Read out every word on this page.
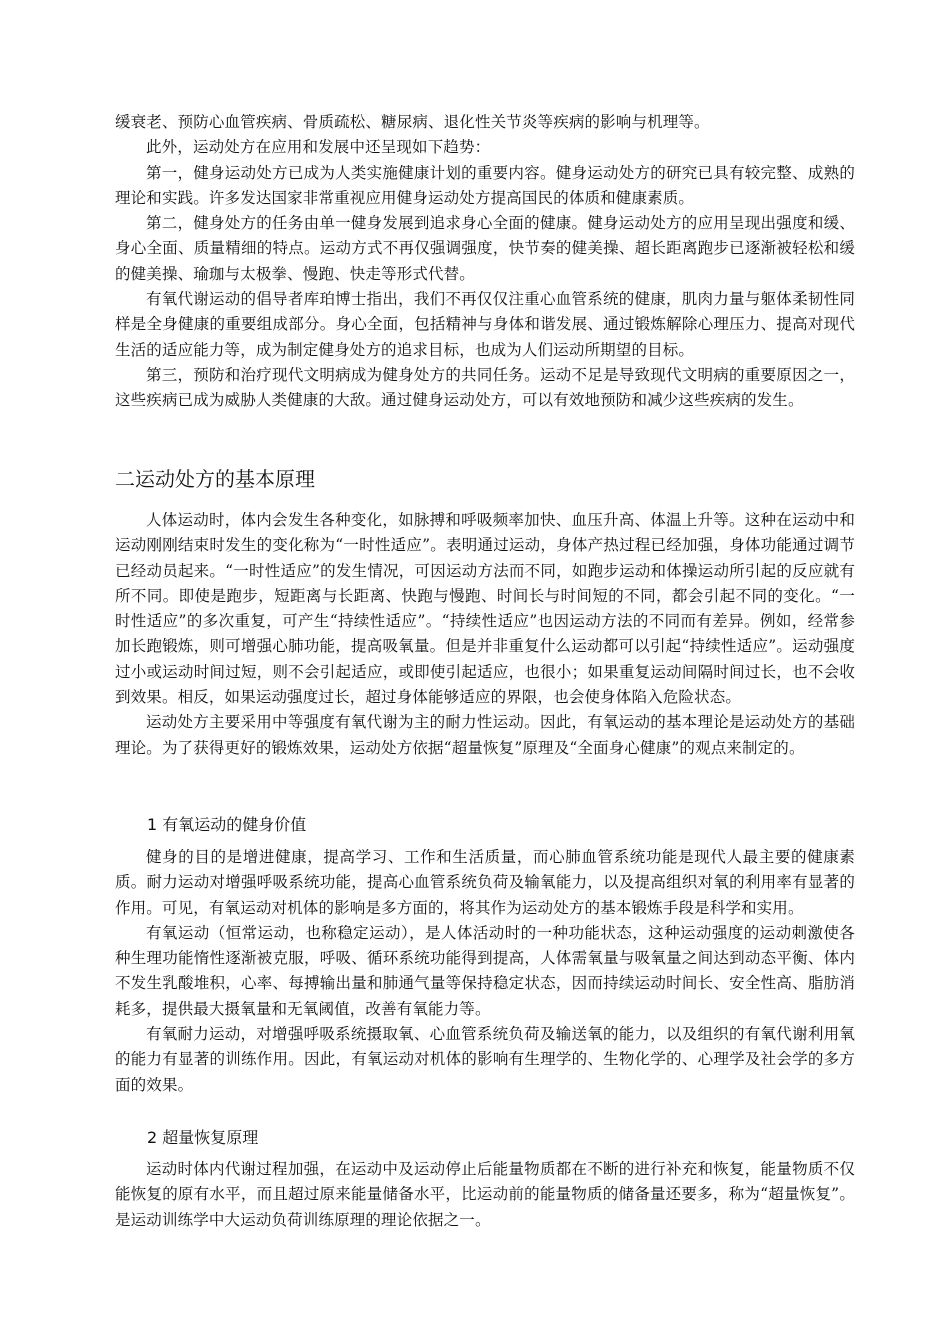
缓衰老、预防心血管疾病、骨质疏松、糖尿病、退化性关节炎等疾病的影响与机理等。

此外，运动处方在应用和发展中还呈现如下趋势：

第一，健身运动处方已成为人类实施健康计划的重要内容。健身运动处方的研究已具有较完整、成熟的理论和实践。许多发达国家非常重视应用健身运动处方提高国民的体质和健康素质。

第二，健身处方的任务由单一健身发展到追求身心全面的健康。健身运动处方的应用呈现出强度和缓、身心全面、质量精细的特点。运动方式不再仅强调强度，快节奏的健美操、超长距离跑步已逐渐被轻松和缓的健美操、瑜珈与太极拳、慢跑、快走等形式代替。

有氧代谢运动的倡导者库珀博士指出，我们不再仅仅注重心血管系统的健康，肌肉力量与躯体柔韧性同样是全身健康的重要组成部分。身心全面，包括精神与身体和谐发展、通过锻炼解除心理压力、提高对现代生活的适应能力等，成为制定健身处方的追求目标，也成为人们运动所期望的目标。

第三，预防和治疗现代文明病成为健身处方的共同任务。运动不足是导致现代文明病的重要原因之一，这些疾病已成为威胁人类健康的大敌。通过健身运动处方，可以有效地预防和减少这些疾病的发生。

二运动处方的基本原理

人体运动时，体内会发生各种变化，如脉搏和呼吸频率加快、血压升高、体温上升等。这种在运动中和运动刚刚结束时发生的变化称为“一时性适应”。表明通过运动，身体产热过程已经加强，身体功能通过调节已经动员起来。“一时性适应”的发生情况，可因运动方法而不同，如跑步运动和体操运动所引起的反应就有所不同。即使是跑步，短距离与长距离、快跑与慢跑、时间长与时间短的不同，都会引起不同的变化。“一时性适应”的多次重复，可产生“持续性适应”。“持续性适应”也因运动方法的不同而有差异。例如，经常参加长跑锻炼，则可增强心肺功能，提高吸氧量。但是并非重复什么运动都可以引起“持续性适应”。运动强度过小或运动时间过短，则不会引起适应，或即使引起适应，也很小；如果重复运动间隔时间过长，也不会收到效果。相反，如果运动强度过长，超过身体能够适应的界限，也会使身体陷入危险状态。

运动处方主要采用中等强度有氧代谢为主的耐力性运动。因此，有氧运动的基本理论是运动处方的基础理论。为了获得更好的锻炼效果，运动处方依据“超量恢复”原理及“全面身心健康”的观点来制定的。

1 有氧运动的健身价值

健身的目的是增进健康，提高学习、工作和生活质量，而心肺血管系统功能是现代人最主要的健康素质。耐力运动对增强呼吸系统功能，提高心血管系统负荷及输氧能力，以及提高组织对氧的利用率有显著的作用。可见，有氧运动对机体的影响是多方面的，将其作为运动处方的基本锻炼手段是科学和实用。

有氧运动（恒常运动，也称稳定运动），是人体活动时的一种功能状态，这种运动强度的运动刺激使各种生理功能惰性逐渐被克服，呼吸、循环系统功能得到提高，人体需氧量与吸氧量之间达到动态平衡、体内不发生乳酸堆积，心率、每搏输出量和肺通气量等保持稳定状态，因而持续运动时间长、安全性高、脂肪消耗多，提供最大摄氧量和无氧阈值，改善有氧能力等。

有氧耐力运动，对增强呼吸系统摄取氧、心血管系统负荷及输送氧的能力，以及组织的有氧代谢利用氧的能力有显著的训练作用。因此，有氧运动对机体的影响有生理学的、生物化学的、心理学及社会学的多方面的效果。

2 超量恢复原理

运动时体内代谢过程加强，在运动中及运动停止后能量物质都在不断的进行补充和恢复，能量物质不仅能恢复的原有水平，而且超过原来能量储备水平，比运动前的能量物质的储备量还要多，称为“超量恢复”。是运动训练学中大运动负荷训练原理的理论依据之一。
